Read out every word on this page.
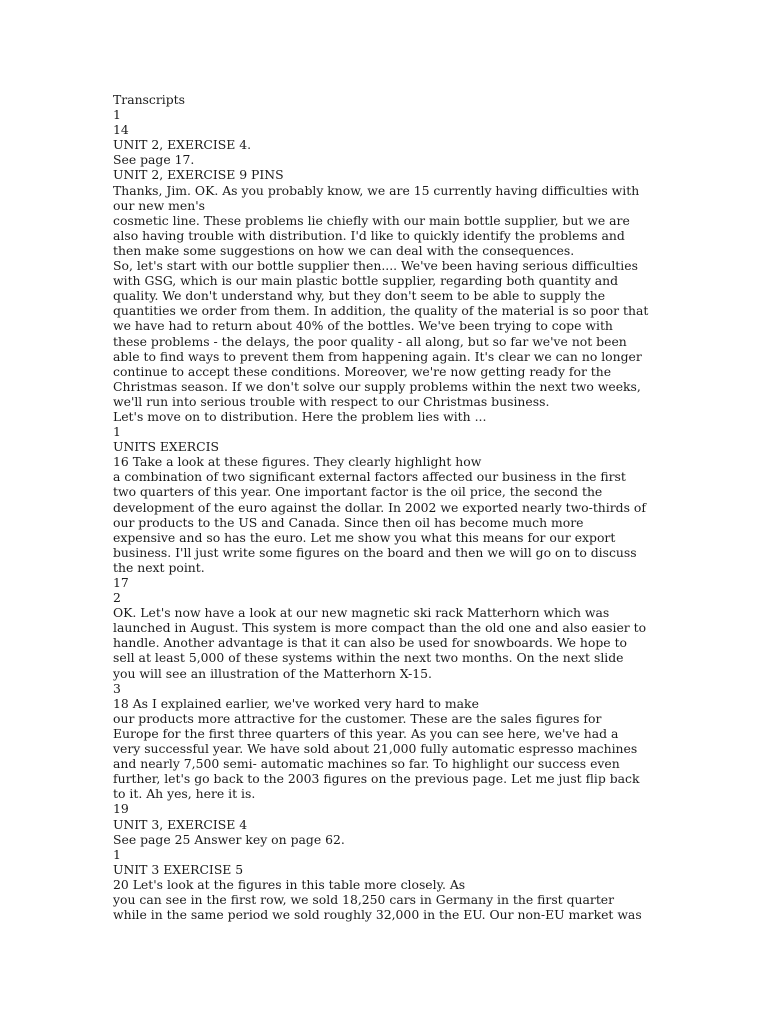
Transcripts
1
14
UNIT 2, EXERCISE 4.
See page 17.
UNIT 2, EXERCISE 9 PINS
Thanks, Jim. OK. As you probably know, we are 15 currently having difficulties with
our new men's
cosmetic line. These problems lie chiefly with our main bottle supplier, but we are
also having trouble with distribution. I'd like to quickly identify the problems and
then make some suggestions on how we can deal with the consequences.
So, let's start with our bottle supplier then.... We've been having serious difficulties
with GSG, which is our main plastic bottle supplier, regarding both quantity and
quality. We don't understand why, but they don't seem to be able to supply the
quantities we order from them. In addition, the quality of the material is so poor that
we have had to return about 40% of the bottles. We've been trying to cope with
these problems - the delays, the poor quality - all along, but so far we've not been
able to find ways to prevent them from happening again. It's clear we can no longer
continue to accept these conditions. Moreover, we're now getting ready for the
Christmas season. If we don't solve our supply problems within the next two weeks,
we'll run into serious trouble with respect to our Christmas business.
Let's move on to distribution. Here the problem lies with ...
1
UNITS EXERCIS
16 Take a look at these figures. They clearly highlight how
a combination of two significant external factors affected our business in the first
two quarters of this year. One important factor is the oil price, the second the
development of the euro against the dollar. In 2002 we exported nearly two-thirds of
our products to the US and Canada. Since then oil has become much more
expensive and so has the euro. Let me show you what this means for our export
business. I'll just write some figures on the board and then we will go on to discuss
the next point.
17
2
OK. Let's now have a look at our new magnetic ski rack Matterhorn which was
launched in August. This system is more compact than the old one and also easier to
handle. Another advantage is that it can also be used for snowboards. We hope to
sell at least 5,000 of these systems within the next two months. On the next slide
you will see an illustration of the Matterhorn X-15.
3
18 As I explained earlier, we've worked very hard to make
our products more attractive for the customer. These are the sales figures for
Europe for the first three quarters of this year. As you can see here, we've had a
very successful year. We have sold about 21,000 fully automatic espresso machines
and nearly 7,500 semi- automatic machines so far. To highlight our success even
further, let's go back to the 2003 figures on the previous page. Let me just flip back
to it. Ah yes, here it is.
19
UNIT 3, EXERCISE 4
See page 25 Answer key on page 62.
1
UNIT 3 EXERCISE 5
20 Let's look at the figures in this table more closely. As
you can see in the first row, we sold 18,250 cars in Germany in the first quarter
while in the same period we sold roughly 32,000 in the EU. Our non-EU market was
